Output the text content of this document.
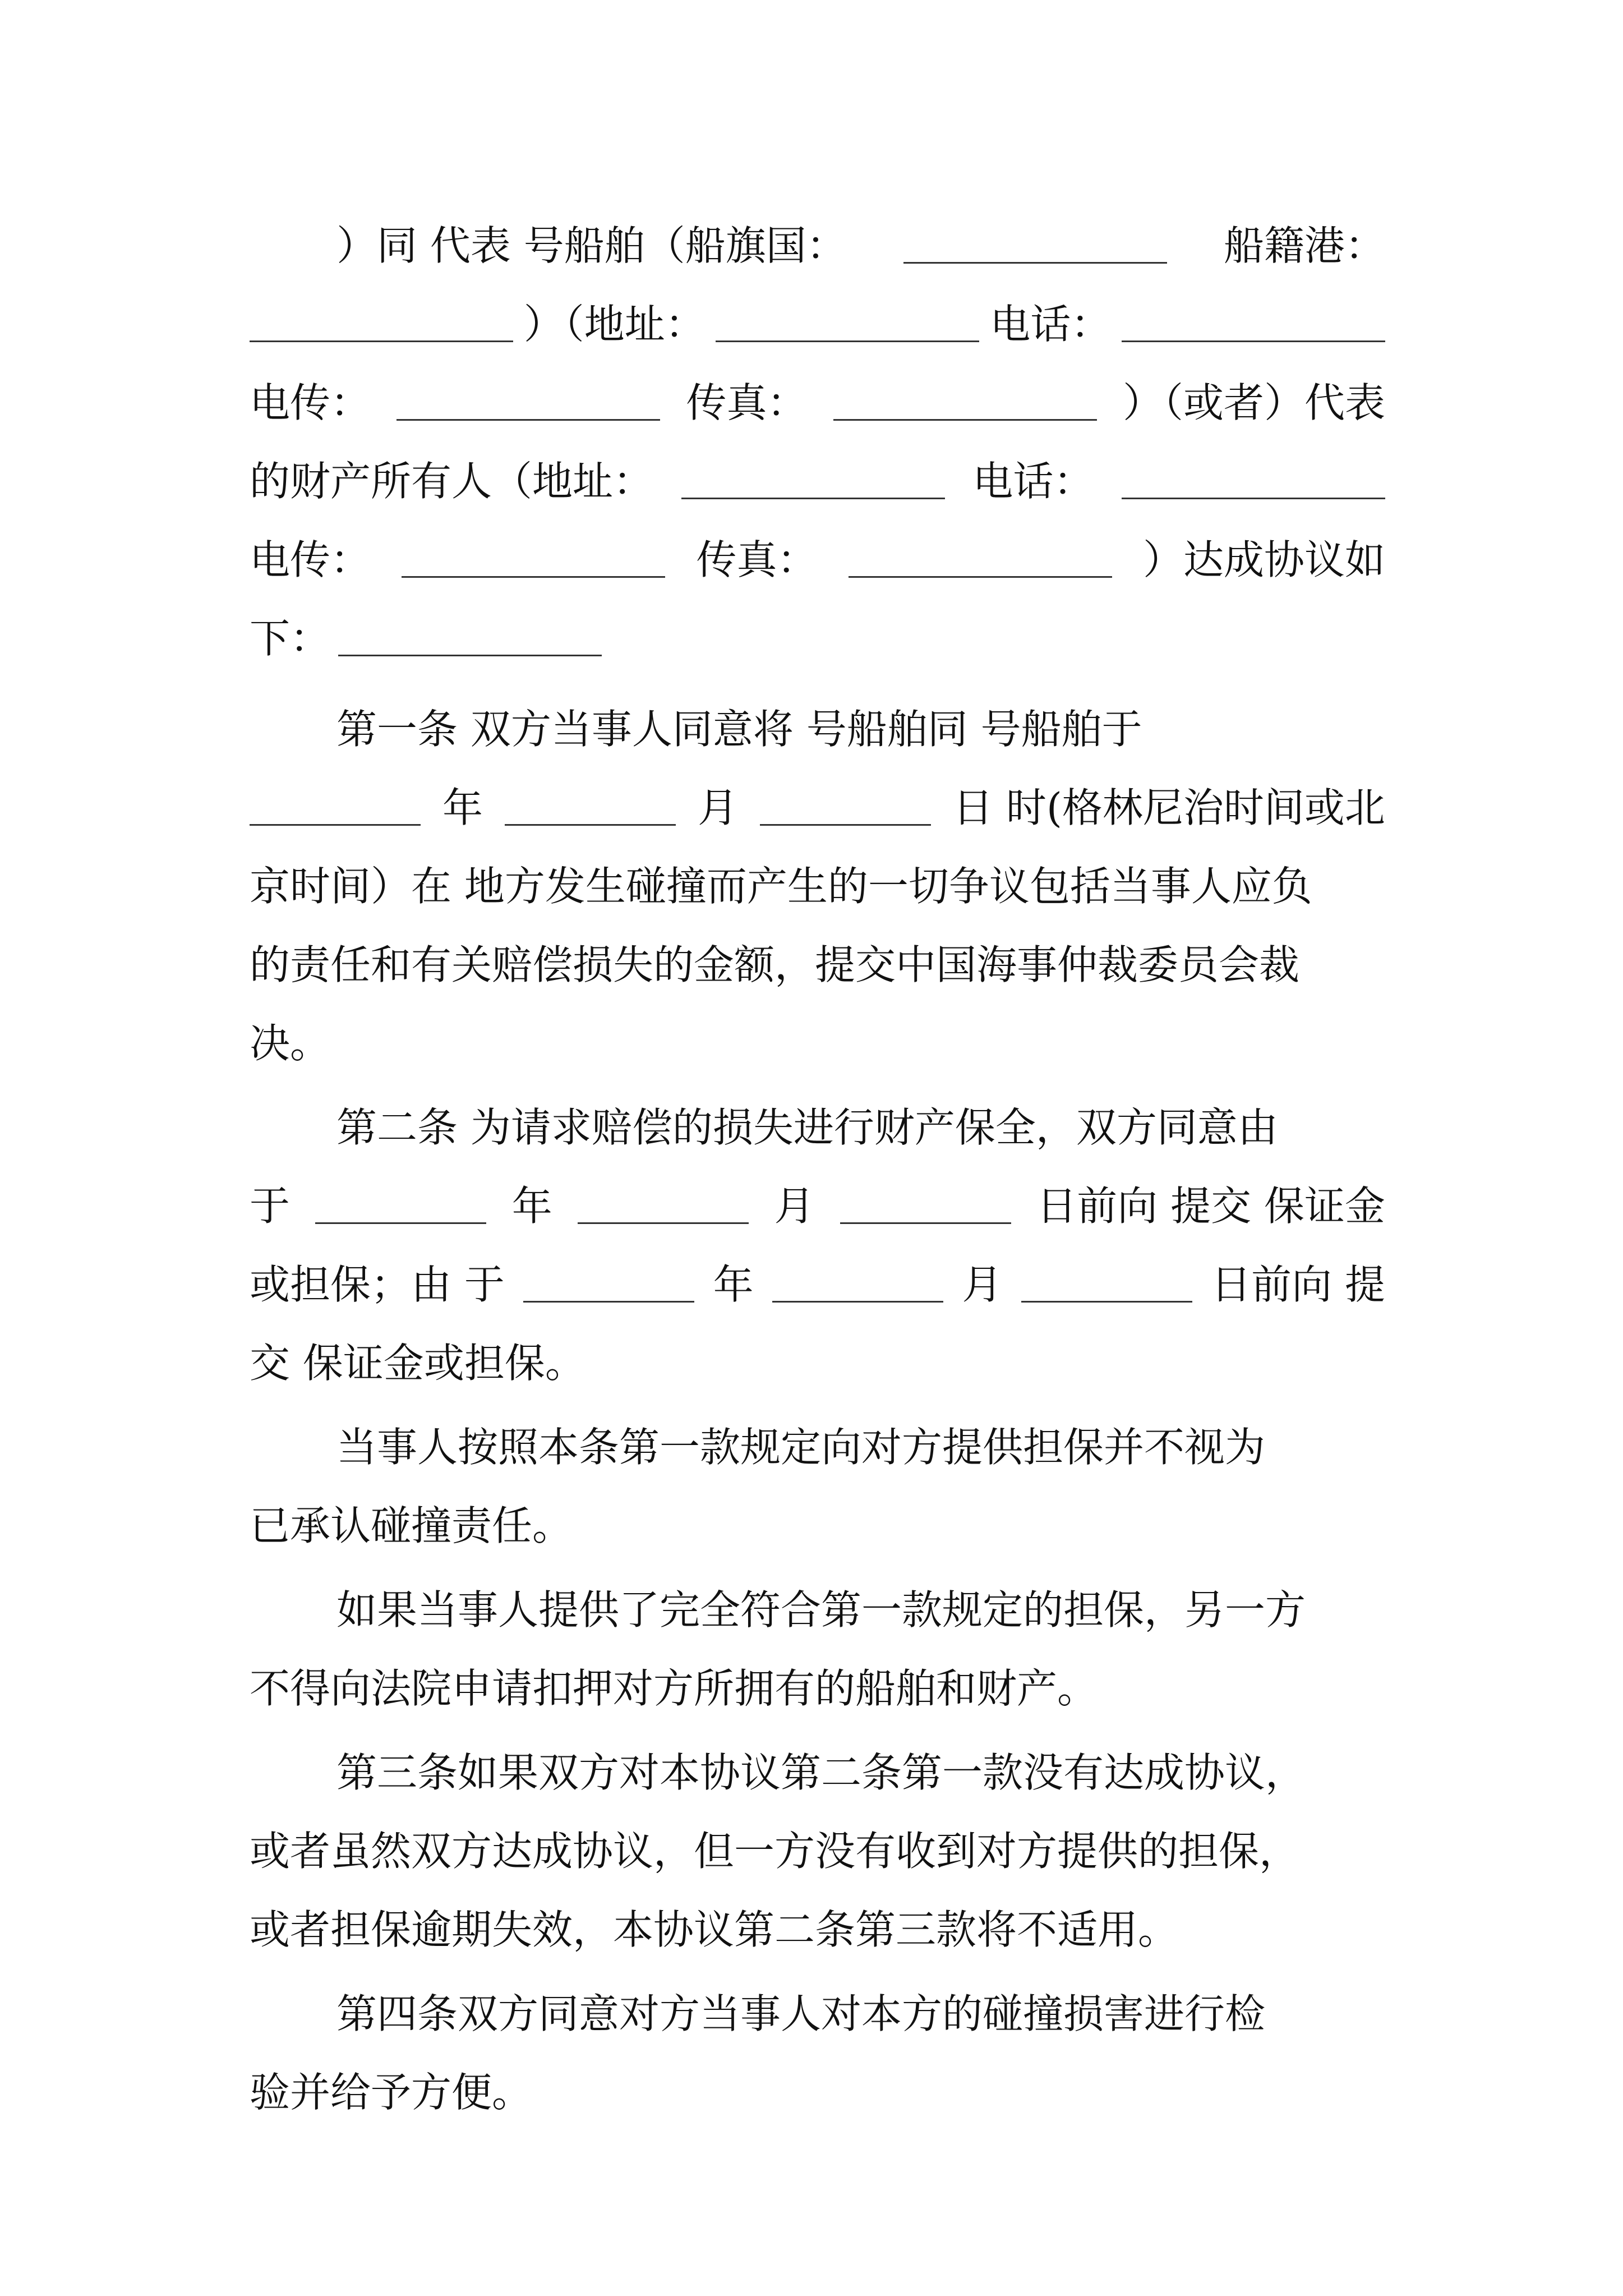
）同 代表 号船舶（船旗国：	船籍港：
）（地址：	电话：
电传：	传真：	）（或者）代表
的财产所有人（地址：	电话：
电传：	传真：	）达成协议如
下：
第一条 双方当事人同意将 号船舶同 号船舶于
年	月	日 时(格林尼治时间或北
京时间）在 地方发生碰撞而产生的一切争议包括当事人应负
的责任和有关赔偿损失的金额，提交中国海事仲裁委员会裁
决。
第二条 为请求赔偿的损失进行财产保全，双方同意由
于	年	月	日前向 提交 保证金
或担保；由 于	年	月	日前向 提
交 保证金或担保。
当事人按照本条第一款规定向对方提供担保并不视为
已承认碰撞责任。
如果当事人提供了完全符合第一款规定的担保，另一方
不得向法院申请扣押对方所拥有的船舶和财产。
第三条如果双方对本协议第二条第一款没有达成协议，
或者虽然双方达成协议，但一方没有收到对方提供的担保，
或者担保逾期失效，本协议第二条第三款将不适用。
第四条双方同意对方当事人对本方的碰撞损害进行检
验并给予方便。
